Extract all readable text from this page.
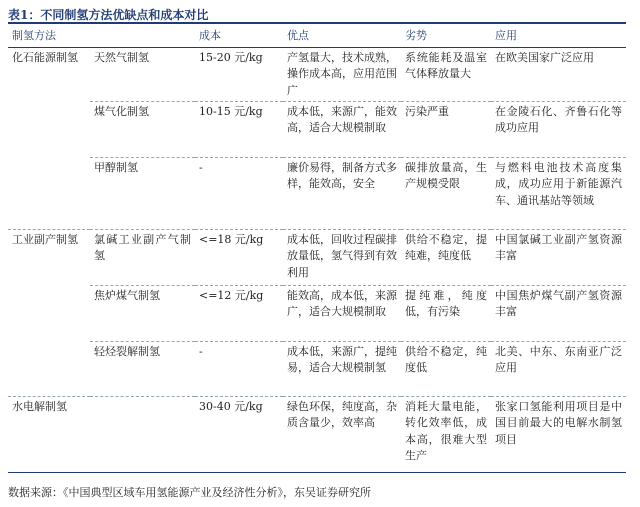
表1：不同制氢方法优缺点和成本对比
制氢方法		成本	优点	劣势	应用
化石能源制氢	天然气制氢	15-20 元/kg	产氢量大，技术成熟，操作成本高，应用范围广	系统能耗及温室气体释放量大	在欧美国家广泛应用
	煤气化制氢	10-15 元/kg	成本低，来源广，能效高，适合大规模制取	污染严重	在金陵石化、齐鲁石化等成功应用
	甲醇制氢	-	廉价易得，制备方式多样，能效高，安全	碳排放量高，生产规模受限	与燃料电池技术高度集成，成功应用于新能源汽车、通讯基站等领域
工业副产制氢	氯碱工业副产气制氢	<=18 元/kg	成本低，回收过程碳排放量低，氢气得到有效利用	供给不稳定，提纯难，纯度低	中国氯碱工业副产氢资源丰富
	焦炉煤气制氢	<=12 元/kg	能效高，成本低，来源广，适合大规模制取	提纯难，纯度低，有污染	中国焦炉煤气副产氢资源丰富
	轻烃裂解制氢	-	成本低，来源广，提纯易，适合大规模制氢	供给不稳定，纯度低	北美、中东、东南亚广泛应用
水电解制氢		30-40 元/kg	绿色环保，纯度高，杂质含量少，效率高	消耗大量电能，转化效率低，成本高，很难大型生产	张家口氢能利用项目是中国目前最大的电解水制氢项目
数据来源：《中国典型区域车用氢能源产业及经济性分析》，东吴证券研究所
